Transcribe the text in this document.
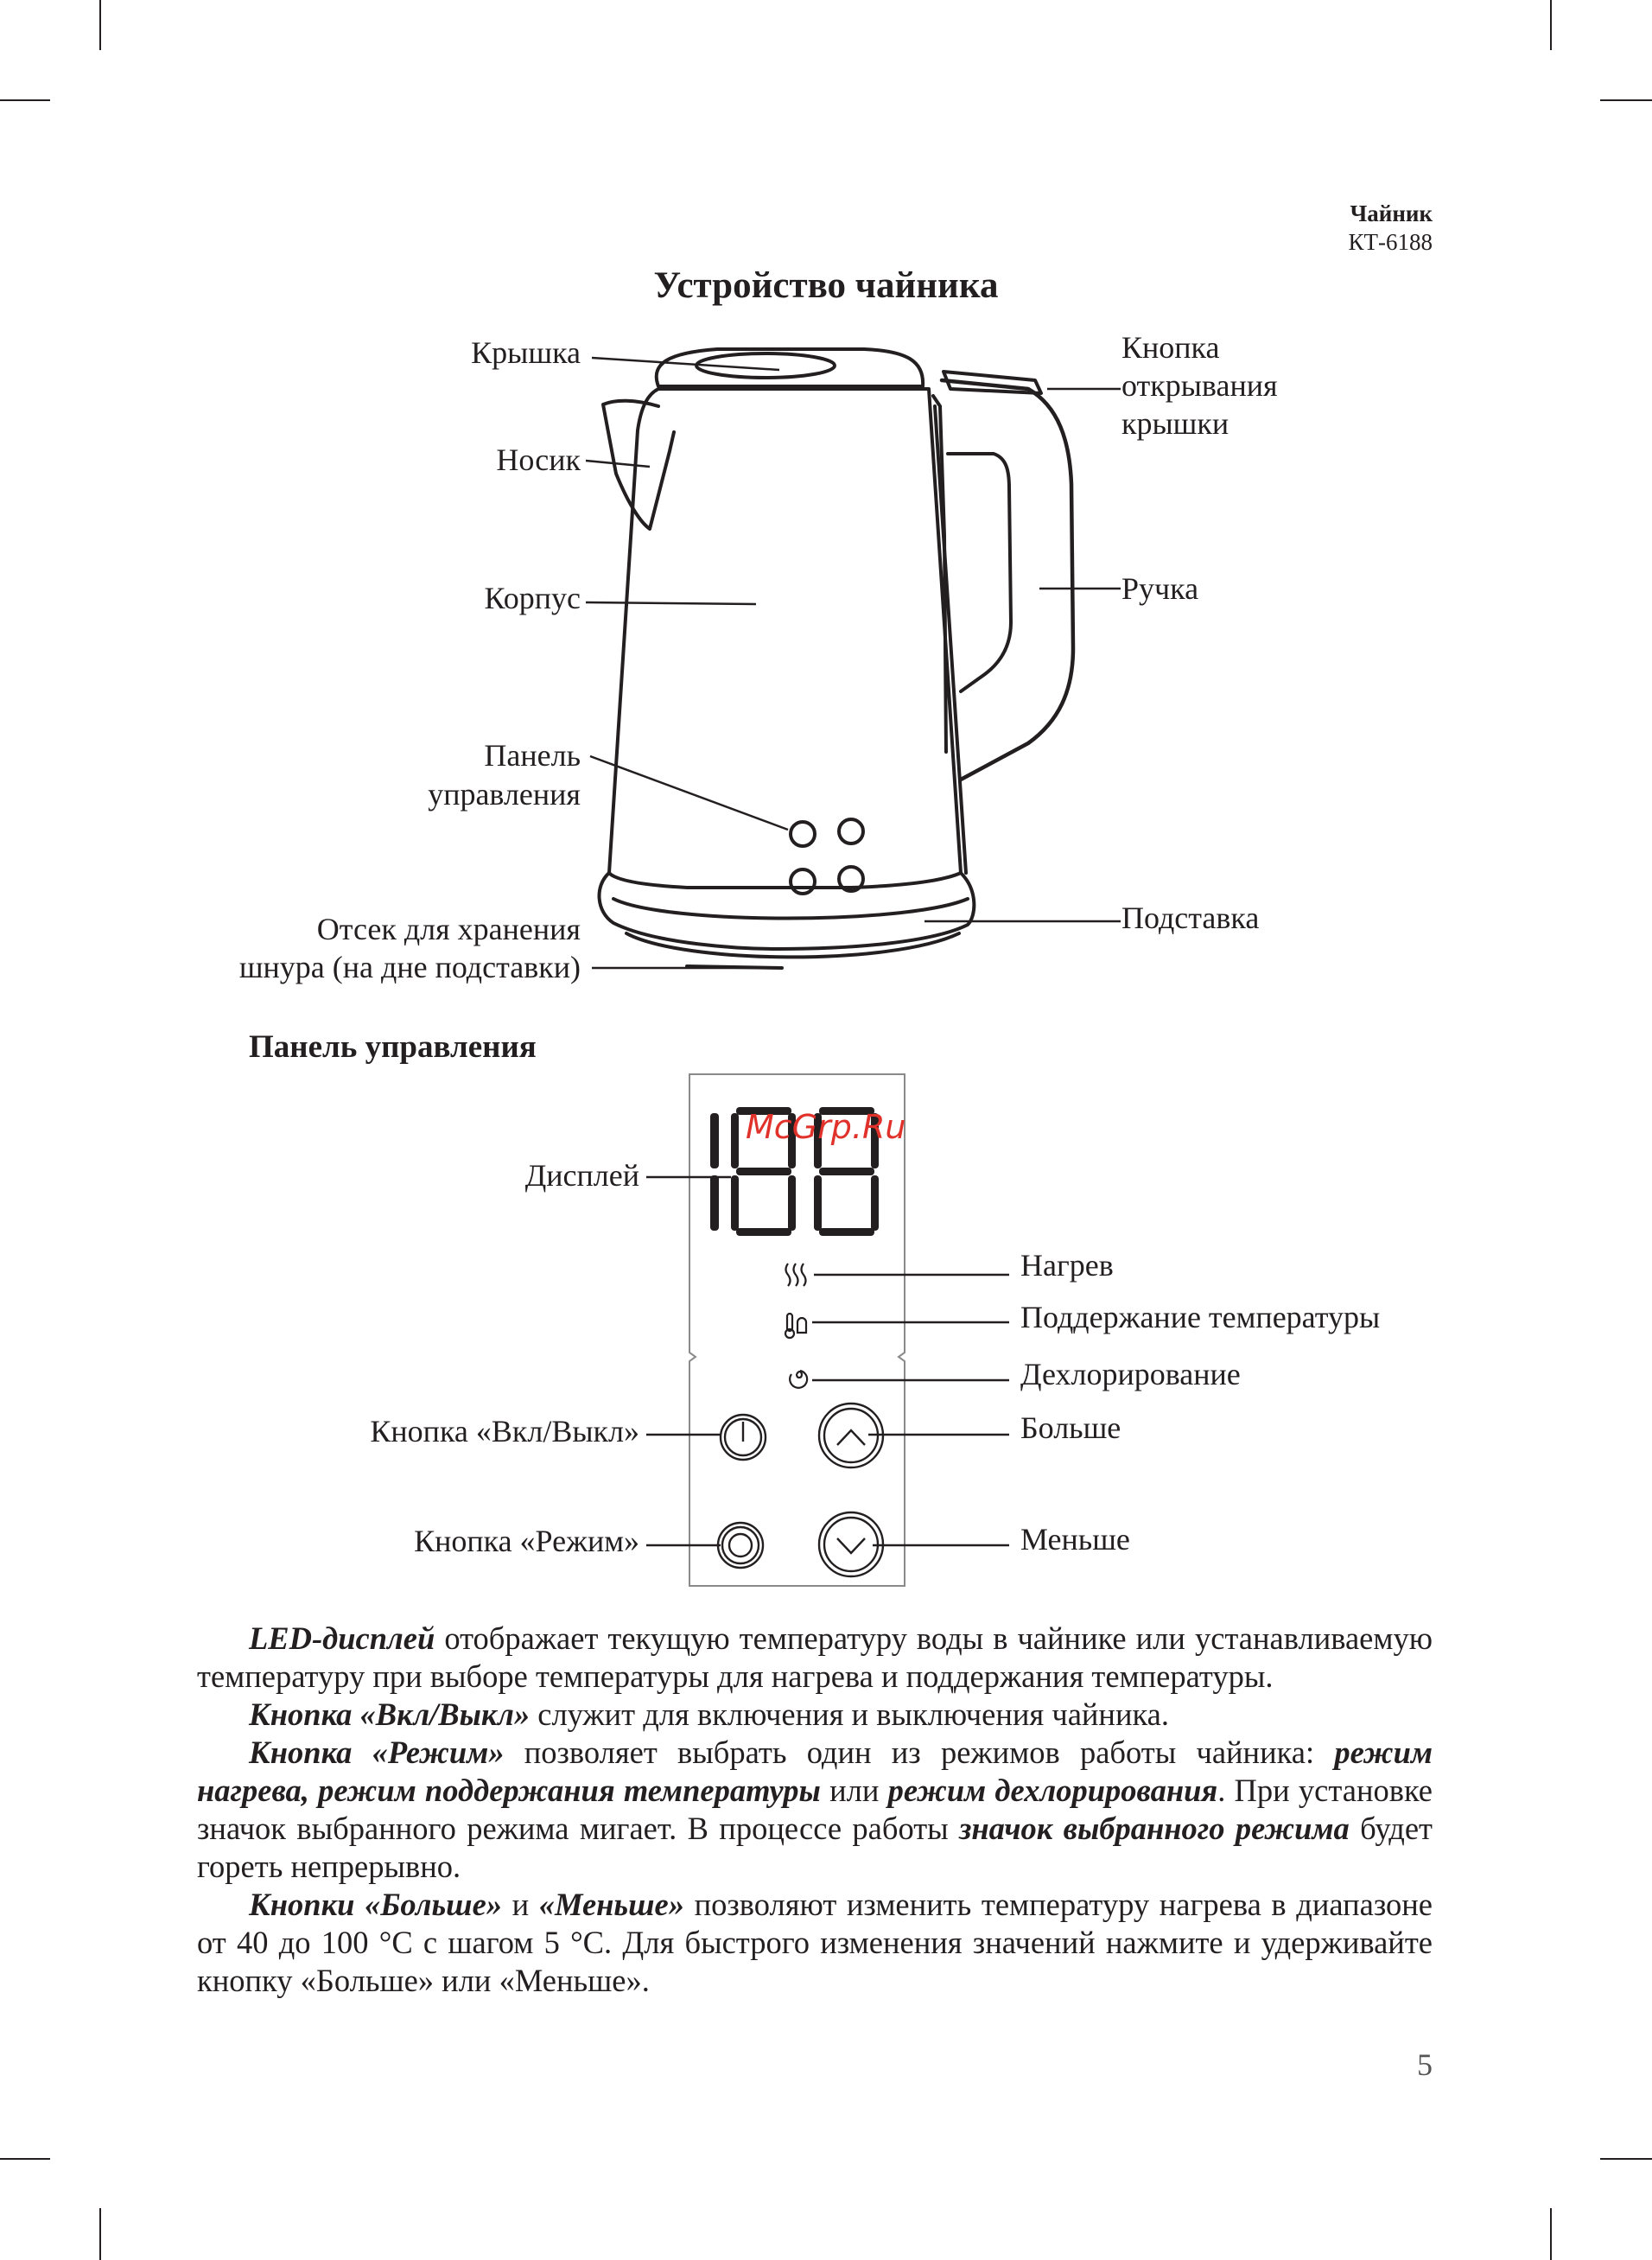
Чайник
КТ-6188
Устройство чайника
Крышка
Носик
Корпус
Панель
управления
Отсек для хранения
шнура (на дне подставки)
Кнопка
открывания
крышки
Ручка
Подставка
Панель управления
McGrp.Ru
Дисплей
Нагрев
Поддержание температуры
Дехлорирование
Кнопка «Вкл/Выкл»	Больше
Кнопка «Режим»	Меньше

LED-дисплей отображает текущую температуру воды в чайнике или устанавливаемую температуру при выборе температуры для нагрева и поддержания температуры.

Кнопка «Вкл/Выкл» служит для включения и выключения чайника.

Кнопка «Режим» позволяет выбрать один из режимов работы чайника: режим нагрева, режим поддержания температуры или режим дехлорирования. При установке значок выбранного режима мигает. В процессе работы значок выбранного режима будет гореть непрерывно.

Кнопки «Больше» и «Меньше» позволяют изменить температуру нагрева в диапазоне от 40 до 100 °С с шагом 5 °С. Для быстрого изменения значений нажмите и удерживайте кнопку «Больше» или «Меньше».

5
